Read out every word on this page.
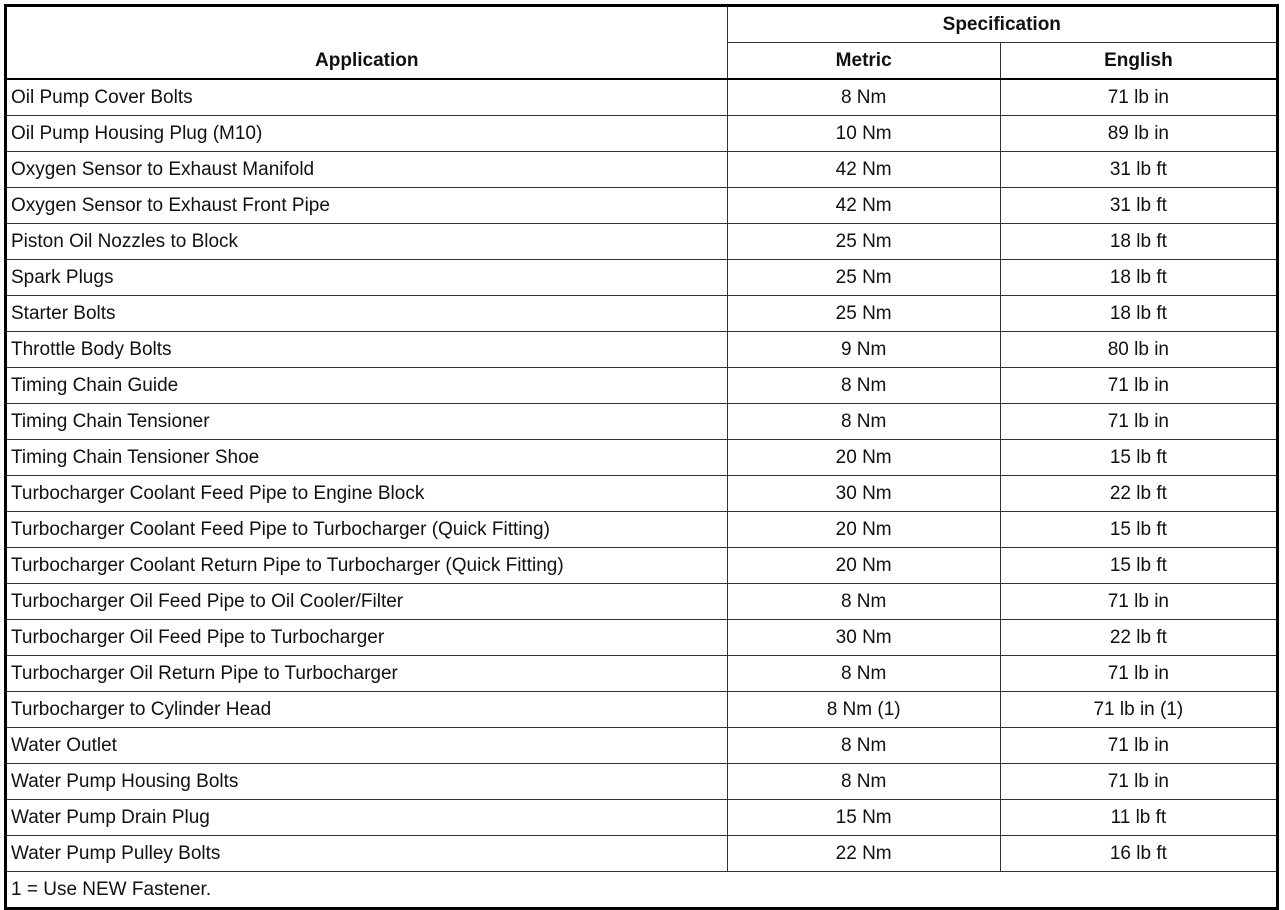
Application	Specification	
	Metric	English
Oil Pump Cover Bolts	8 Nm	71 lb in
Oil Pump Housing Plug (M10)	10 Nm	89 lb in
Oxygen Sensor to Exhaust Manifold	42 Nm	31 lb ft
Oxygen Sensor to Exhaust Front Pipe	42 Nm	31 lb ft
Piston Oil Nozzles to Block	25 Nm	18 lb ft
Spark Plugs	25 Nm	18 lb ft
Starter Bolts	25 Nm	18 lb ft
Throttle Body Bolts	9 Nm	80 lb in
Timing Chain Guide	8 Nm	71 lb in
Timing Chain Tensioner	8 Nm	71 lb in
Timing Chain Tensioner Shoe	20 Nm	15 lb ft
Turbocharger Coolant Feed Pipe to Engine Block	30 Nm	22 lb ft
Turbocharger Coolant Feed Pipe to Turbocharger (Quick Fitting)	20 Nm	15 lb ft
Turbocharger Coolant Return Pipe to Turbocharger (Quick Fitting)	20 Nm	15 lb ft
Turbocharger Oil Feed Pipe to Oil Cooler/Filter	8 Nm	71 lb in
Turbocharger Oil Feed Pipe to Turbocharger	30 Nm	22 lb ft
Turbocharger Oil Return Pipe to Turbocharger	8 Nm	71 lb in
Turbocharger to Cylinder Head	8 Nm (1)	71 lb in (1)
Water Outlet	8 Nm	71 lb in
Water Pump Housing Bolts	8 Nm	71 lb in
Water Pump Drain Plug	15 Nm	11 lb ft
Water Pump Pulley Bolts	22 Nm	16 lb ft
1 = Use NEW Fastener.		
